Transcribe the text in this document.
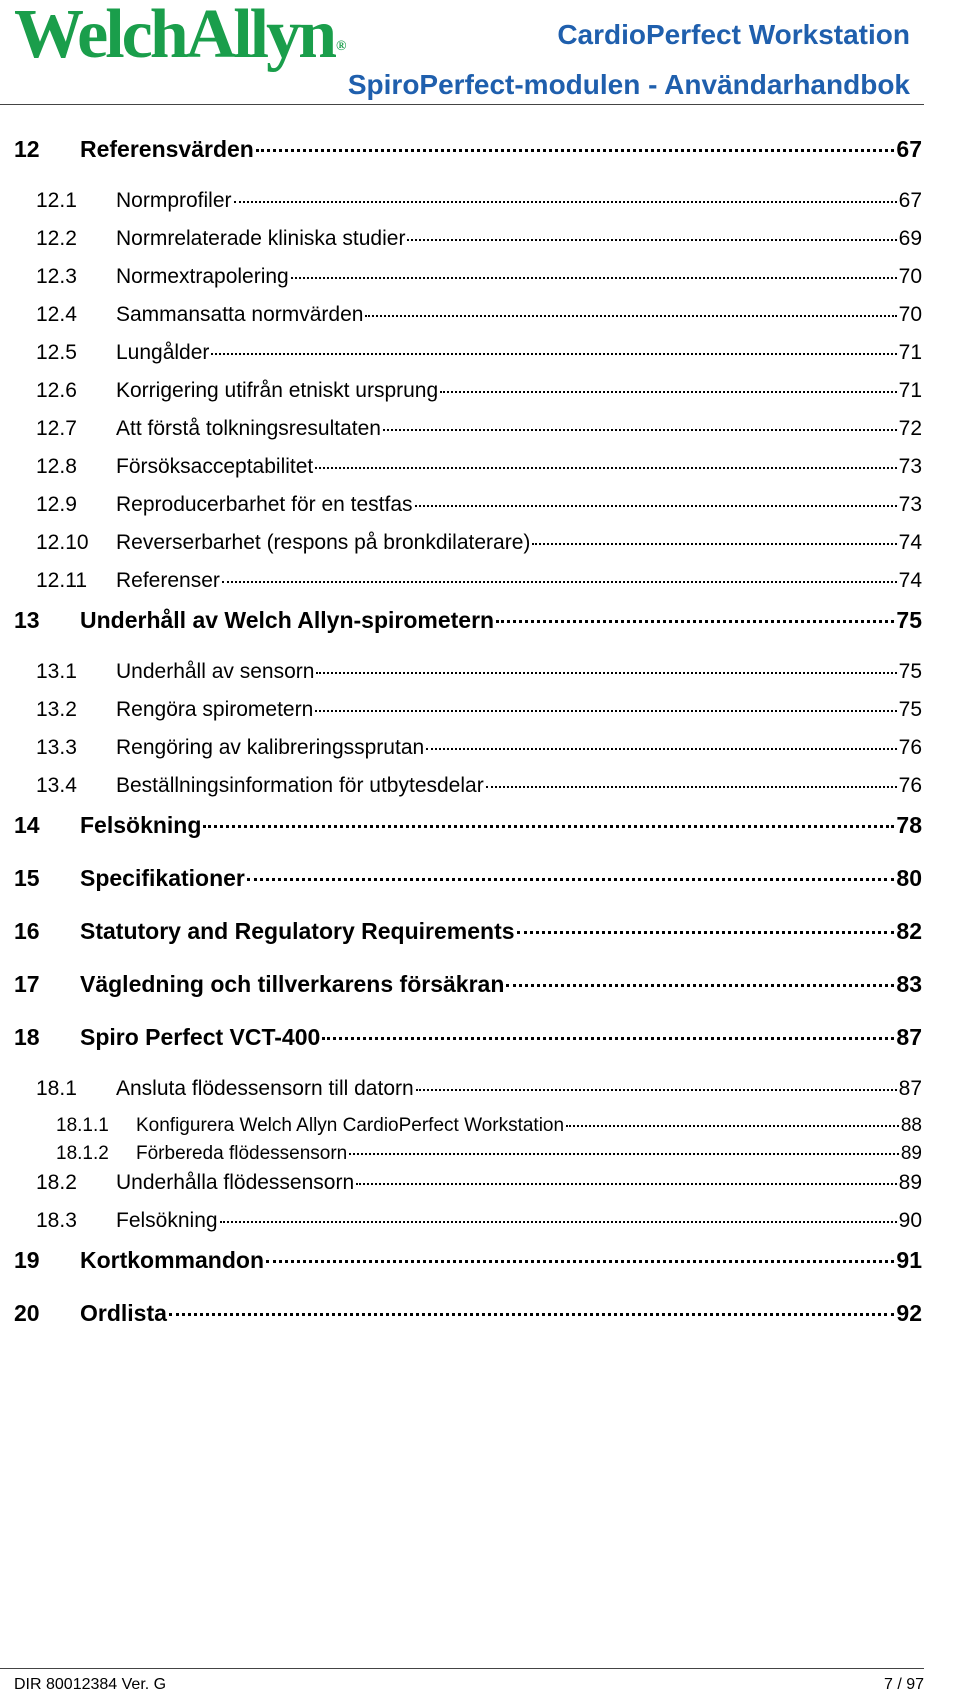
WelchAllyn ®	CardioPerfect Workstation
SpiroPerfect-modulen - Användarhandbok
12	Referensvärden	67
12.1	Normprofiler	67
12.2	Normrelaterade kliniska studier	69
12.3	Normextrapolering	70
12.4	Sammansatta normvärden	70
12.5	Lungålder	71
12.6	Korrigering utifrån etniskt ursprung	71
12.7	Att förstå tolkningsresultaten	72
12.8	Försöksacceptabilitet	73
12.9	Reproducerbarhet för en testfas	73
12.10	Reverserbarhet (respons på bronkdilaterare)	74
12.11	Referenser	74
13	Underhåll av Welch Allyn-spirometern	75
13.1	Underhåll av sensorn	75
13.2	Rengöra spirometern	75
13.3	Rengöring av kalibreringssprutan	76
13.4	Beställningsinformation för utbytesdelar	76
14	Felsökning	78
15	Specifikationer	80
16	Statutory and Regulatory Requirements	82
17	Vägledning och tillverkarens försäkran	83
18	Spiro Perfect VCT-400	87
18.1	Ansluta flödessensorn till datorn	87
18.1.1	Konfigurera Welch Allyn CardioPerfect Workstation	88
18.1.2	Förbereda flödessensorn	89
18.2	Underhålla flödessensorn	89
18.3	Felsökning	90
19	Kortkommandon	91
20	Ordlista	92
DIR 80012384 Ver. G	7 / 97
